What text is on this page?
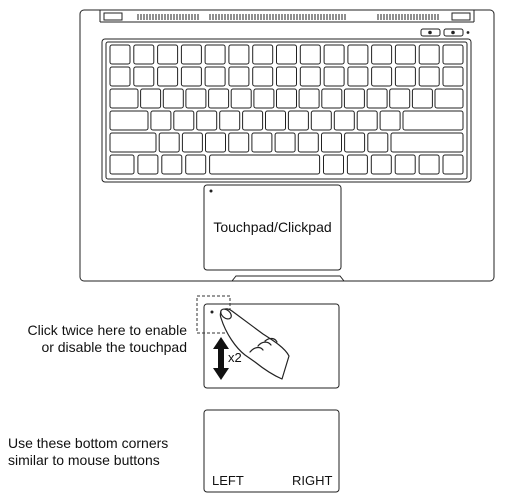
Touchpad/Clickpad
Click twice here to enable
or disable the touchpad
x2
Use these bottom corners
similar to mouse buttons
LEFT	RIGHT
